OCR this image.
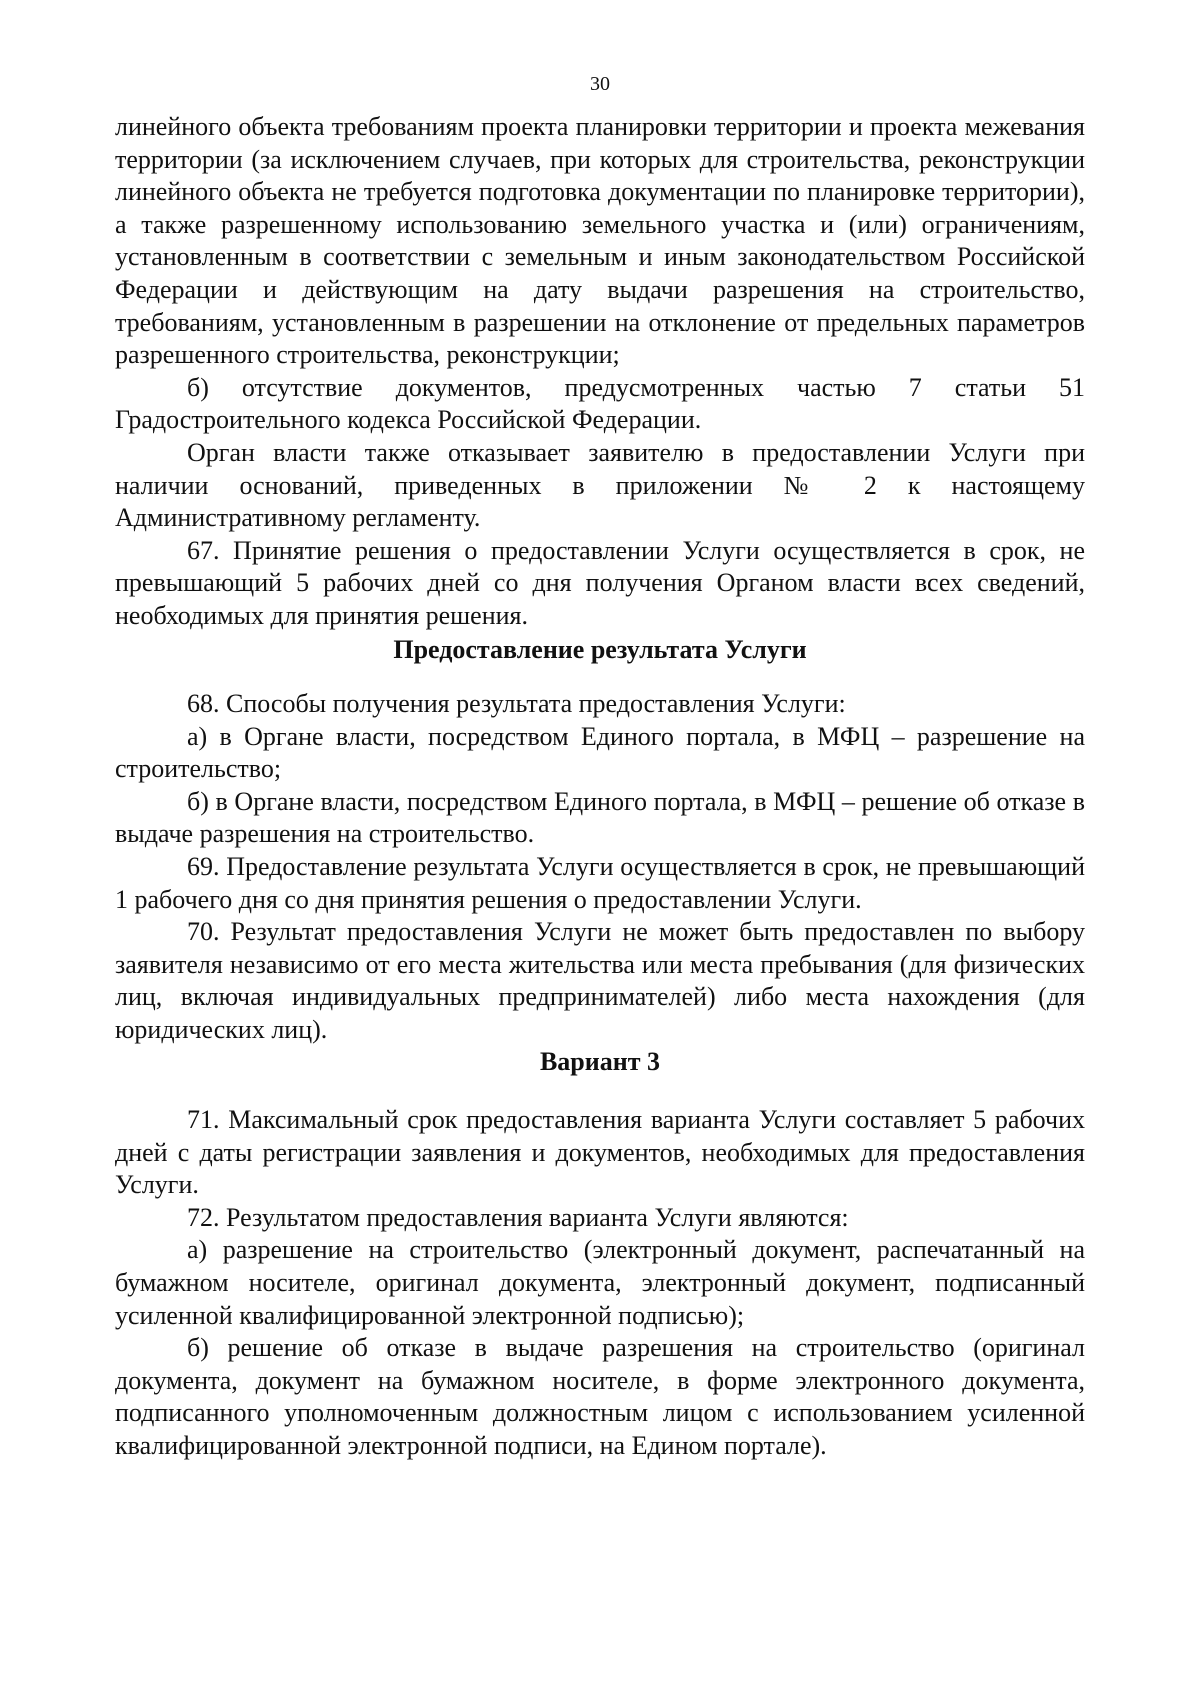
30

линейного объекта требованиям проекта планировки территории и проекта межевания территории (за исключением случаев, при которых для строительства, реконструкции линейного объекта не требуется подготовка документации по планировке территории), а также разрешенному использованию земельного участка и (или) ограничениям, установленным в соответствии с земельным и иным законодательством Российской Федерации и действующим на дату выдачи разрешения на строительство, требованиям, установленным в разрешении на отклонение от предельных параметров разрешенного строительства, реконструкции;

б) отсутствие документов, предусмотренных частью 7 статьи 51 Градостроительного кодекса Российской Федерации.

Орган власти также отказывает заявителю в предоставлении Услуги при наличии оснований, приведенных в приложении № 2 к настоящему Административному регламенту.

67. Принятие решения о предоставлении Услуги осуществляется в срок, не превышающий 5 рабочих дней со дня получения Органом власти всех сведений, необходимых для принятия решения.

Предоставление результата Услуги

68. Способы получения результата предоставления Услуги:

а) в Органе власти, посредством Единого портала, в МФЦ – разрешение на строительство;

б) в Органе власти, посредством Единого портала, в МФЦ – решение об отказе в выдаче разрешения на строительство.

69. Предоставление результата Услуги осуществляется в срок, не превышающий 1 рабочего дня со дня принятия решения о предоставлении Услуги.

70. Результат предоставления Услуги не может быть предоставлен по выбору заявителя независимо от его места жительства или места пребывания (для физических лиц, включая индивидуальных предпринимателей) либо места нахождения (для юридических лиц).

Вариант 3

71. Максимальный срок предоставления варианта Услуги составляет 5 рабочих дней с даты регистрации заявления и документов, необходимых для предоставления Услуги.

72. Результатом предоставления варианта Услуги являются:

а) разрешение на строительство (электронный документ, распечатанный на бумажном носителе, оригинал документа, электронный документ, подписанный усиленной квалифицированной электронной подписью);

б) решение об отказе в выдаче разрешения на строительство (оригинал документа, документ на бумажном носителе, в форме электронного документа, подписанного уполномоченным должностным лицом с использованием усиленной квалифицированной электронной подписи, на Едином портале).
